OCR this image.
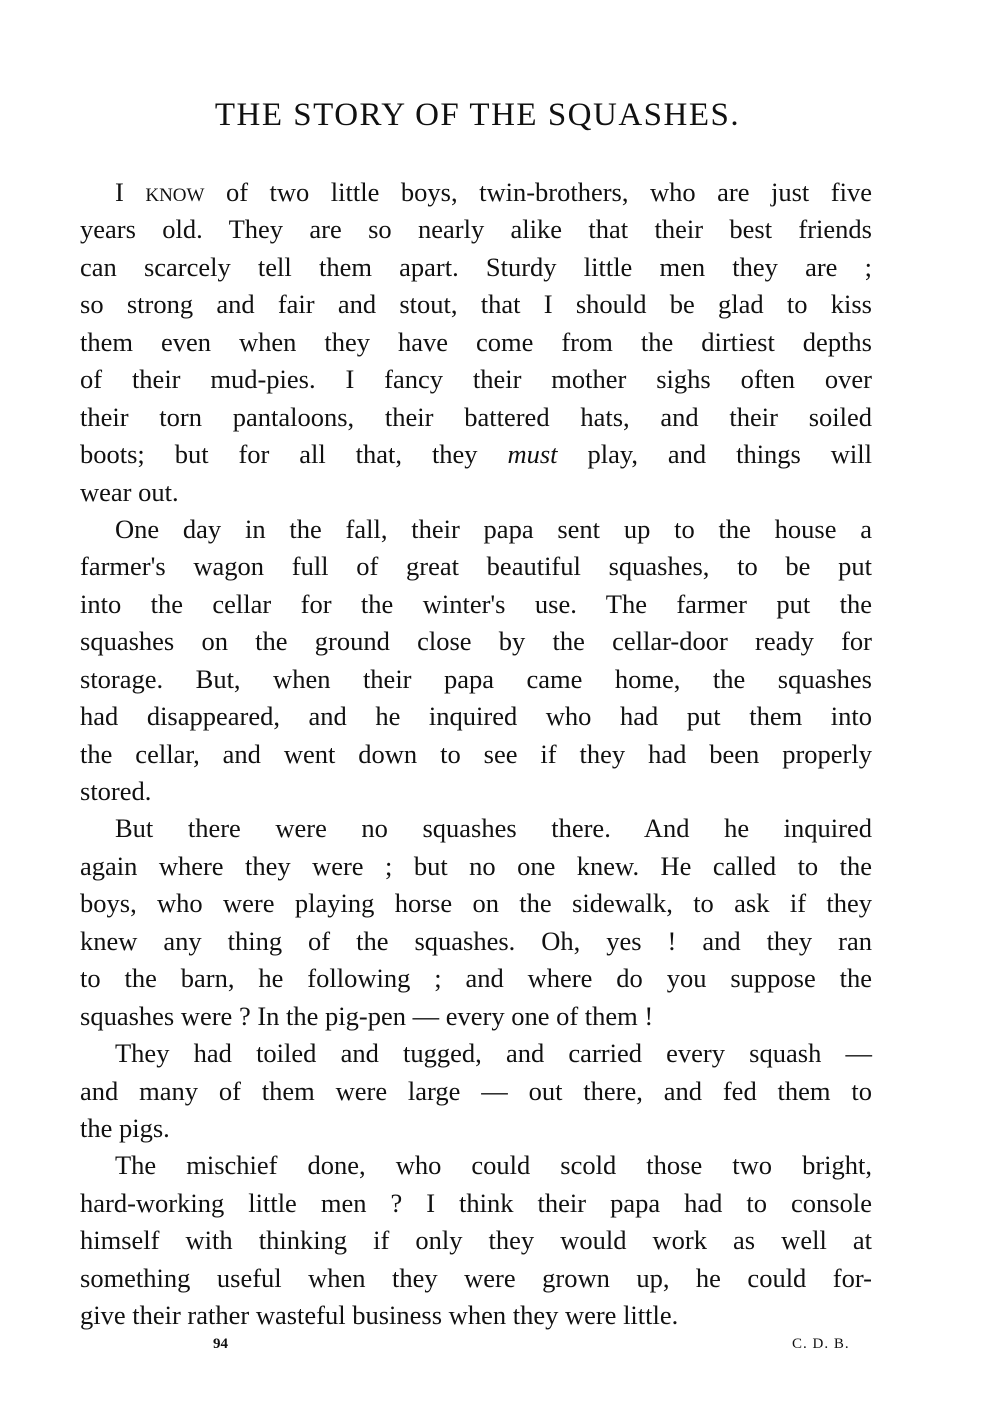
THE STORY OF THE SQUASHES.
I know of two little boys, twin-brothers, who are just five
years old. They are so nearly alike that their best friends
can scarcely tell them apart. Sturdy little men they are ;
so strong and fair and stout, that I should be glad to kiss
them even when they have come from the dirtiest depths
of their mud-pies. I fancy their mother sighs often over
their torn pantaloons, their battered hats, and their soiled
boots; but for all that, they must play, and things will
wear out.
One day in the fall, their papa sent up to the house a
farmer's wagon full of great beautiful squashes, to be put
into the cellar for the winter's use. The farmer put the
squashes on the ground close by the cellar-door ready for
storage. But, when their papa came home, the squashes
had disappeared, and he inquired who had put them into
the cellar, and went down to see if they had been properly
stored.
But there were no squashes there. And he inquired
again where they were ; but no one knew. He called to the
boys, who were playing horse on the sidewalk, to ask if they
knew any thing of the squashes. Oh, yes ! and they ran
to the barn, he following ; and where do you suppose the
squashes were ? In the pig-pen — every one of them !
They had toiled and tugged, and carried every squash —
and many of them were large — out there, and fed them to
the pigs.
The mischief done, who could scold those two bright,
hard-working little men ? I think their papa had to console
himself with thinking if only they would work as well at
something useful when they were grown up, he could for-
give their rather wasteful business when they were little.
94	C. D. B.
